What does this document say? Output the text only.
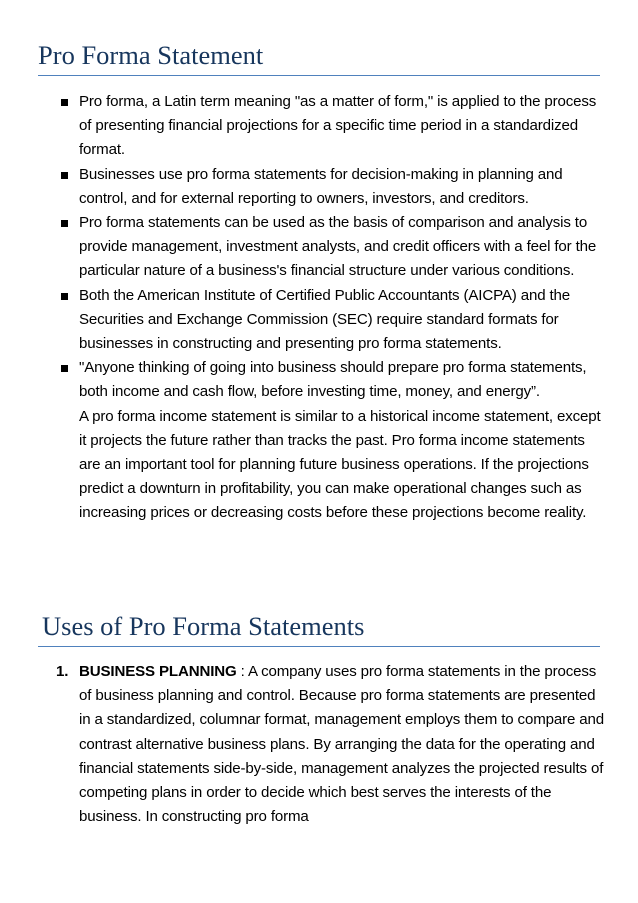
Pro Forma Statement
Pro forma, a Latin term meaning "as a matter of form," is applied to the process of presenting financial projections for a specific time period in a standardized format.
Businesses use pro forma statements for decision-making in planning and control, and for external reporting to owners, investors, and creditors.
Pro forma statements can be used as the basis of comparison and analysis to provide management, investment analysts, and credit officers with a feel for the particular nature of a business's financial structure under various conditions.
Both the American Institute of Certified Public Accountants (AICPA) and the Securities and Exchange Commission (SEC) require standard formats for businesses in constructing and presenting pro forma statements.
"Anyone thinking of going into business should prepare pro forma statements, both income and cash flow, before investing time, money, and energy”.
A pro forma income statement is similar to a historical income statement, except it projects the future rather than tracks the past. Pro forma income statements are an important tool for planning future business operations. If the projections predict a downturn in profitability, you can make operational changes such as increasing prices or decreasing costs before these projections become reality.
Uses of Pro Forma Statements
1. BUSINESS PLANNING : A company uses pro forma statements in the process of business planning and control. Because pro forma statements are presented in a standardized, columnar format, management employs them to compare and contrast alternative business plans. By arranging the data for the operating and financial statements side-by-side, management analyzes the projected results of competing plans in order to decide which best serves the interests of the business. In constructing pro forma
